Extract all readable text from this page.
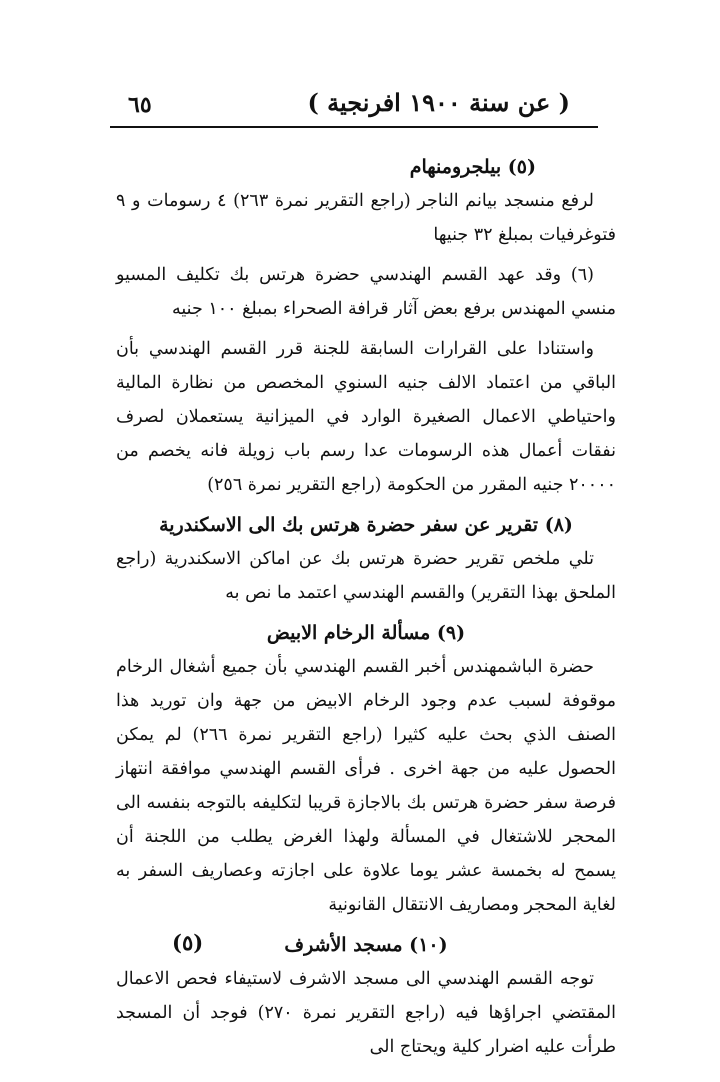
( عن سنة ١٩٠٠ افرنجية )
٦٥

(٥) بيلجرومنهام

لرفع منسجد بيانم الناجر (راجع التقرير نمرة ٢٦٣) ٤ رسومات و ٩ فتوغرفيات بمبلغ ٣٢ جنيها

(٦) وقد عهد القسم الهندسي حضرة هرتس بك تكليف المسيو منسي المهندس برفع بعض آثار قرافة الصحراء بمبلغ ١٠٠ جنيه

واستنادا على القرارات السابقة للجنة قرر القسم الهندسي بأن الباقي من اعتماد الالف جنيه السنوي المخصص من نظارة المالية واحتياطي الاعمال الصغيرة الوارد في الميزانية يستعملان لصرف نفقات أعمال هذه الرسومات عدا رسم باب زويلة فانه يخصم من ٢٠٠٠٠ جنيه المقرر من الحكومة (راجع التقرير نمرة ٢٥٦)

(٨) تقرير عن سفر حضرة هرتس بك الى الاسكندرية

تلي ملخص تقرير حضرة هرتس بك عن اماكن الاسكندرية (راجع الملحق بهذا التقرير) والقسم الهندسي اعتمد ما نص به

(٩) مسألة الرخام الابيض

حضرة الباشمهندس أخبر القسم الهندسي بأن جميع أشغال الرخام موقوفة لسبب عدم وجود الرخام الابيض من جهة وان توريد هذا الصنف الذي بحث عليه كثيرا (راجع التقرير نمرة ٢٦٦) لم يمكن الحصول عليه من جهة اخرى . فرأى القسم الهندسي موافقة انتهاز فرصة سفر حضرة هرتس بك بالاجازة قريبا لتكليفه بالتوجه بنفسه الى المحجر للاشتغال في المسألة ولهذا الغرض يطلب من اللجنة أن يسمح له بخمسة عشر يوما علاوة على اجازته وعصاريف السفر به لغاية المحجر ومصاريف الانتقال القانونية

(١٠) مسجد الأشرف

توجه القسم الهندسي الى مسجد الاشرف لاستيفاء فحص الاعمال المقتضي اجراؤها فيه (راجع التقرير نمرة ٢٧٠) فوجد أن المسجد طرأت عليه اضرار كلية ويحتاج الى

(٥)
